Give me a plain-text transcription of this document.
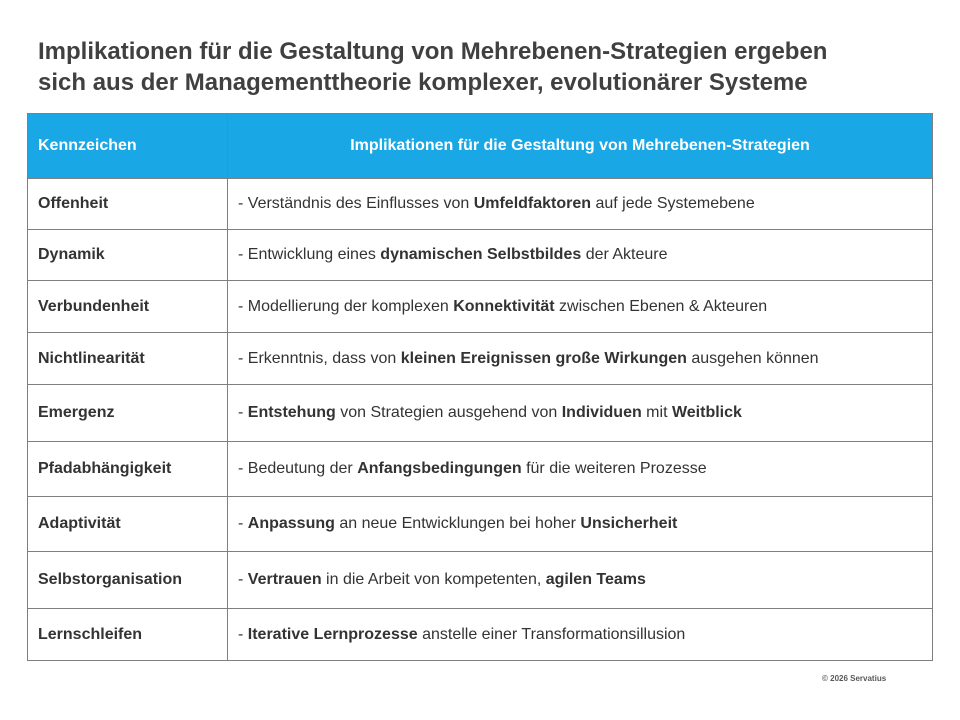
Implikationen für die Gestaltung von Mehrebenen-Strategien ergeben
sich aus der Managementtheorie komplexer, evolutionärer Systeme
Kennzeichen	Implikationen für die Gestaltung von Mehrebenen-Strategien
Offenheit	- Verständnis des Einflusses von Umfeldfaktoren auf jede Systemebene
Dynamik	- Entwicklung eines dynamischen Selbstbildes der Akteure
Verbundenheit	- Modellierung der komplexen Konnektivität zwischen Ebenen & Akteuren
Nichtlinearität	- Erkenntnis, dass von kleinen Ereignissen große Wirkungen ausgehen können
Emergenz	- Entstehung von Strategien ausgehend von Individuen mit Weitblick
Pfadabhängigkeit	- Bedeutung der Anfangsbedingungen für die weiteren Prozesse
Adaptivität	- Anpassung an neue Entwicklungen bei hoher Unsicherheit
Selbstorganisation	- Vertrauen in die Arbeit von kompetenten, agilen Teams
Lernschleifen	- Iterative Lernprozesse anstelle einer Transformationsillusion
© 2026 Servatius
